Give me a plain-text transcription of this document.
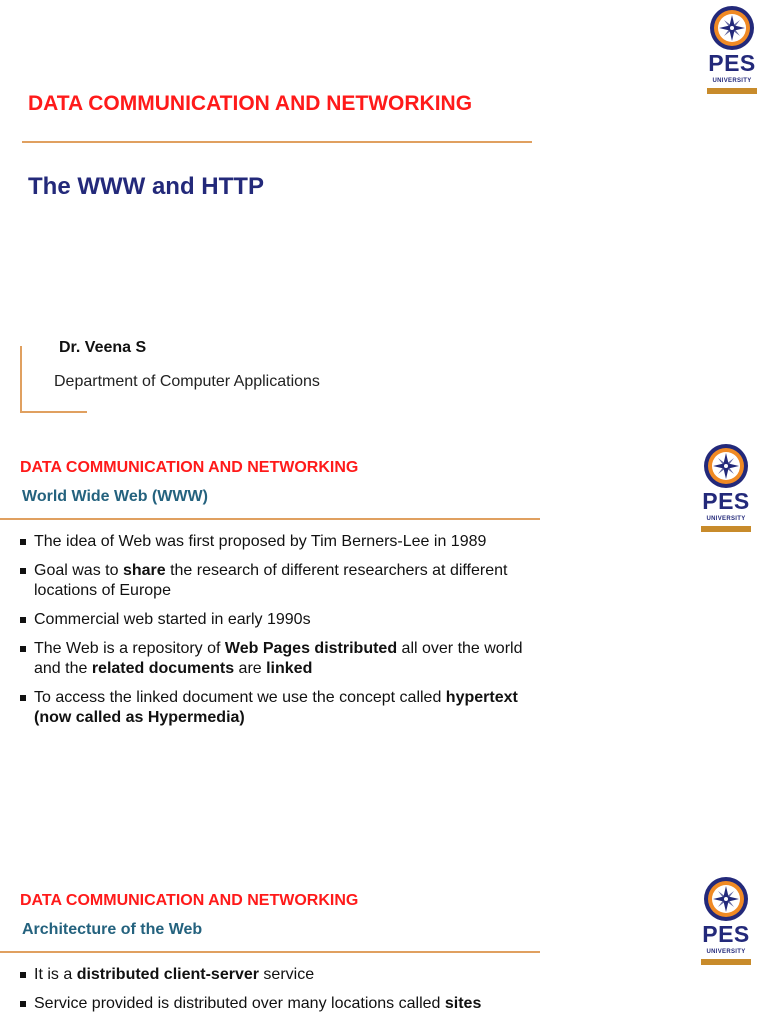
PES
UNIVERSITY
DATA COMMUNICATION AND NETWORKING
The WWW and HTTP
Dr. Veena S
Department of Computer Applications
PES
UNIVERSITY
DATA COMMUNICATION AND NETWORKING
World Wide Web (WWW)
The idea of Web was first proposed by Tim Berners-Lee in 1989
Goal was to share the research of different researchers at different locations of Europe
Commercial web started in early 1990s
The Web is a repository of Web Pages distributed all over the world and the related documents are linked
To access the linked document we use the concept called hypertext (now called as Hypermedia)
PES
UNIVERSITY
DATA COMMUNICATION AND NETWORKING
Architecture of the Web
It is a distributed client-server service
Service provided is distributed over many locations called sites
